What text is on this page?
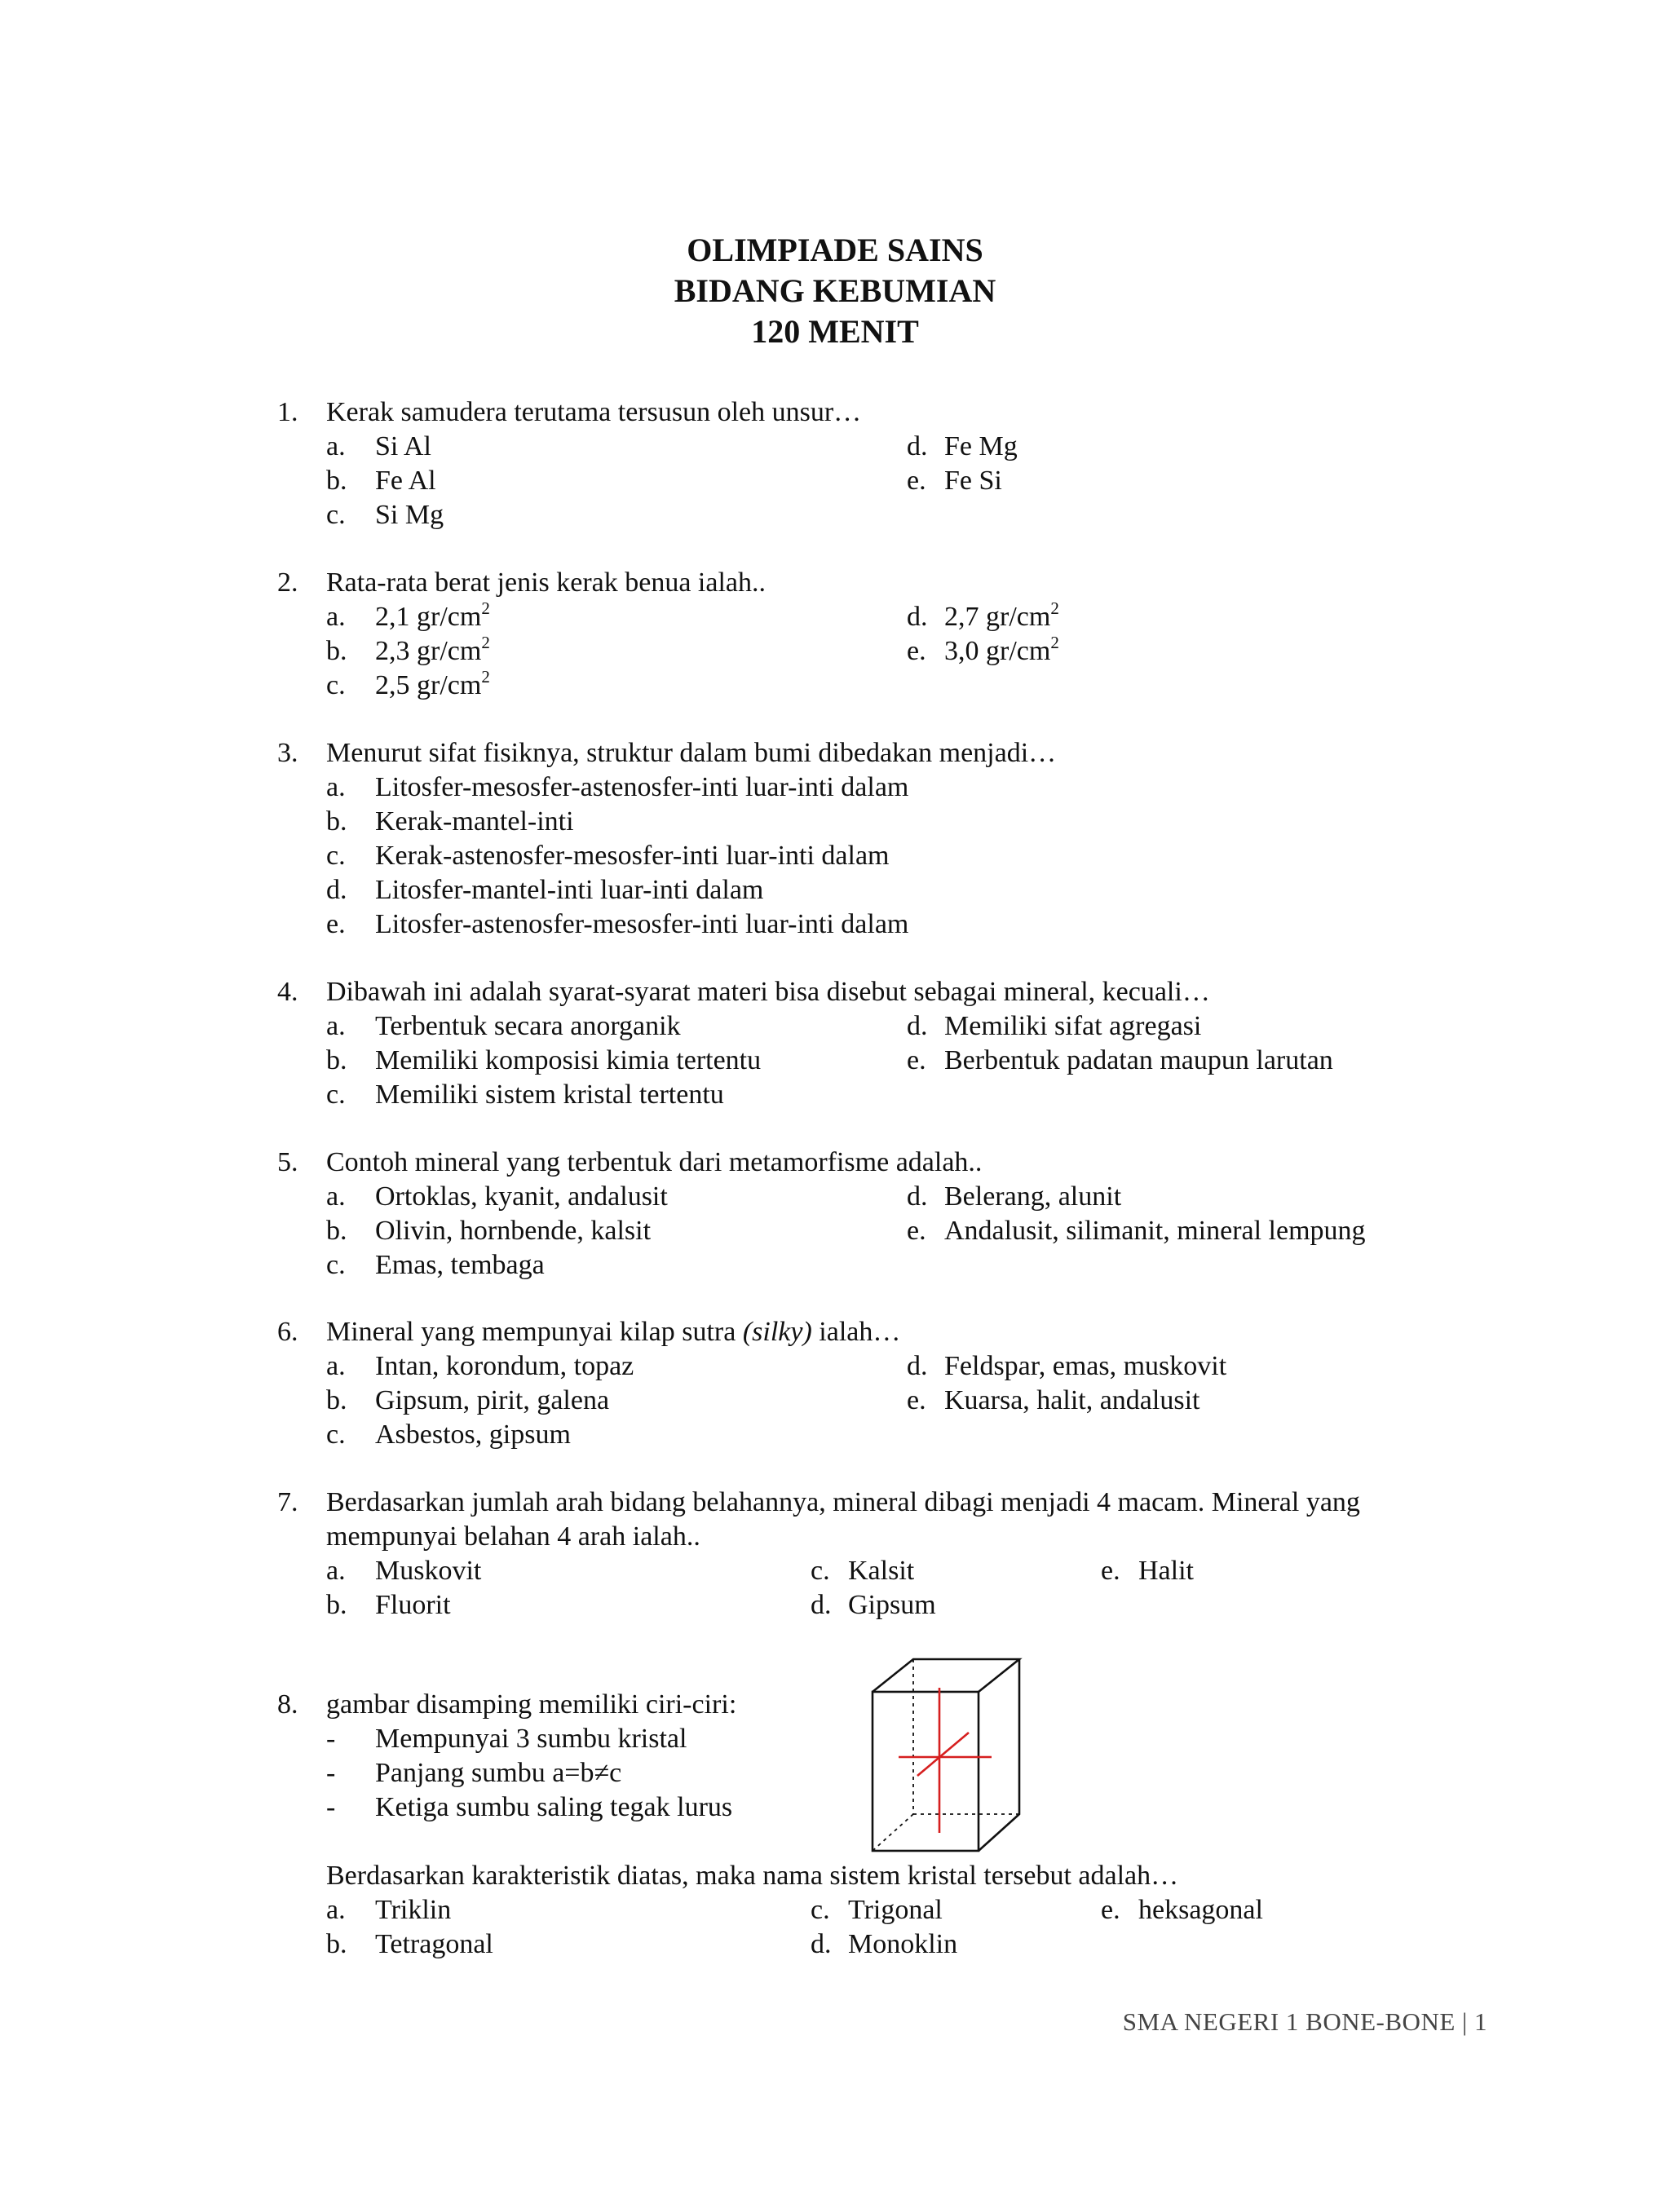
OLIMPIADE SAINS
BIDANG KEBUMIAN
120 MENIT
1. Kerak samudera terutama tersusun oleh unsur…
a. Si Al	d. Fe Mg
b. Fe Al	e. Fe Si
c. Si Mg
2. Rata-rata berat jenis kerak benua ialah..
a. 2,1 $gr/cm^2$	d. 2,7 $gr/cm^2$
b. 2,3 $gr/cm^2$	e. 3,0 $gr/cm^2$
c. 2,5 $gr/cm^2$
3. Menurut sifat fisiknya, struktur dalam bumi dibedakan menjadi…
a. Litosfer-mesosfer-astenosfer-inti luar-inti dalam
b. Kerak-mantel-inti
c. Kerak-astenosfer-mesosfer-inti luar-inti dalam
d. Litosfer-mantel-inti luar-inti dalam
e. Litosfer-astenosfer-mesosfer-inti luar-inti dalam
4. Dibawah ini adalah syarat-syarat materi bisa disebut sebagai mineral, kecuali…
a. Terbentuk secara anorganik	d. Memiliki sifat agregasi
b. Memiliki komposisi kimia tertentu	e. Berbentuk padatan maupun larutan
c. Memiliki sistem kristal tertentu
5. Contoh mineral yang terbentuk dari metamorfisme adalah..
a. Ortoklas, kyanit, andalusit	d. Belerang, alunit
b. Olivin, hornbende, kalsit	e. Andalusit, silimanit, mineral lempung
c. Emas, tembaga
6. Mineral yang mempunyai kilap sutra (silky) ialah…
a. Intan, korondum, topaz	d. Feldspar, emas, muskovit
b. Gipsum, pirit, galena	e. Kuarsa, halit, andalusit
c. Asbestos, gipsum
7. Berdasarkan jumlah arah bidang belahannya, mineral dibagi menjadi 4 macam. Mineral yang
mempunyai belahan 4 arah ialah..
a. Muskovit	c. Kalsit	e. Halit
b. Fluorit	d. Gipsum
8. gambar disamping memiliki ciri-ciri:
- Mempunyai 3 sumbu kristal
- Panjang sumbu a=b≠c
- Ketiga sumbu saling tegak lurus
Berdasarkan karakteristik diatas, maka nama sistem kristal tersebut adalah…
a. Triklin	c. Trigonal	e. heksagonal
b. Tetragonal	d. Monoklin
SMA NEGERI 1 BONE-BONE | 1
